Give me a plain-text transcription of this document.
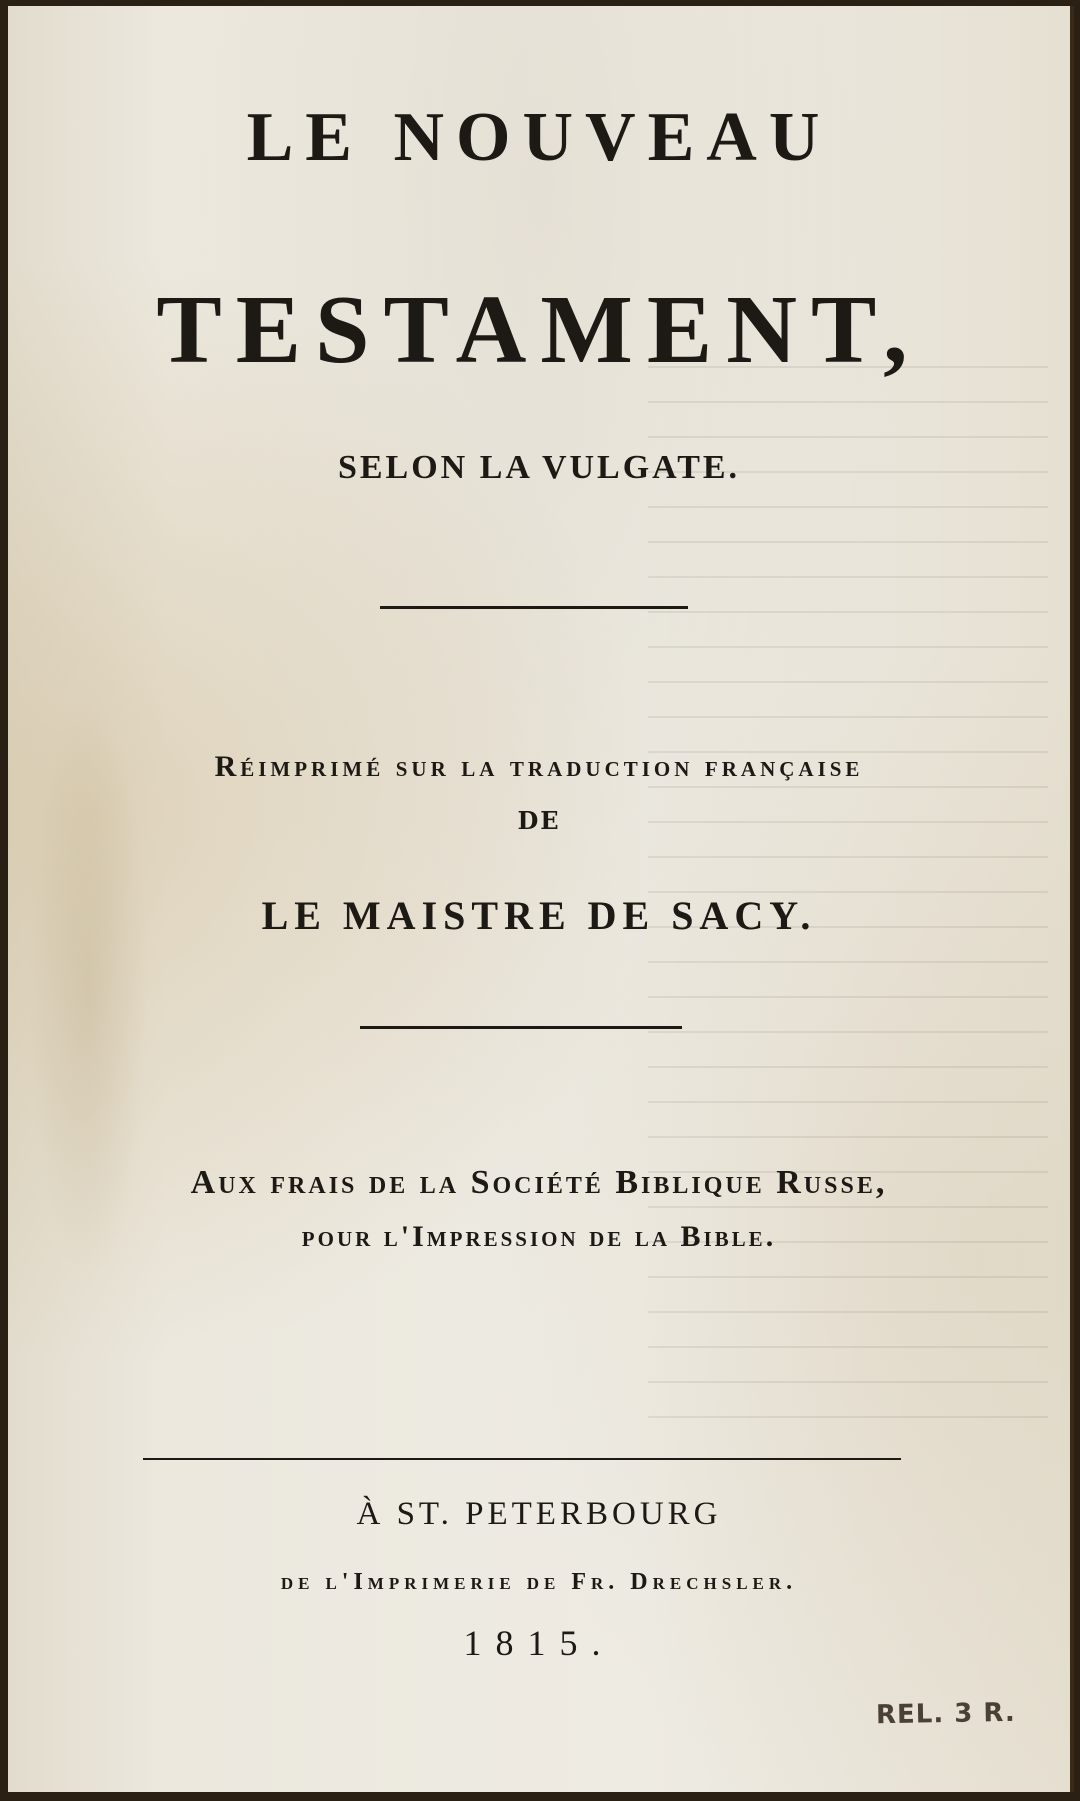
LE NOUVEAU
TESTAMENT,
SELON LA VULGATE.
Réimprimé sur la traduction française
DE
LE MAISTRE DE SACY.
Aux frais de la Société Biblique Russe,
pour l'Impreſsion de la Bible.
À ST. PETERBOURG
de l'Imprimerie de Fr. Drechsler.
1815.
REL. 3 R.
